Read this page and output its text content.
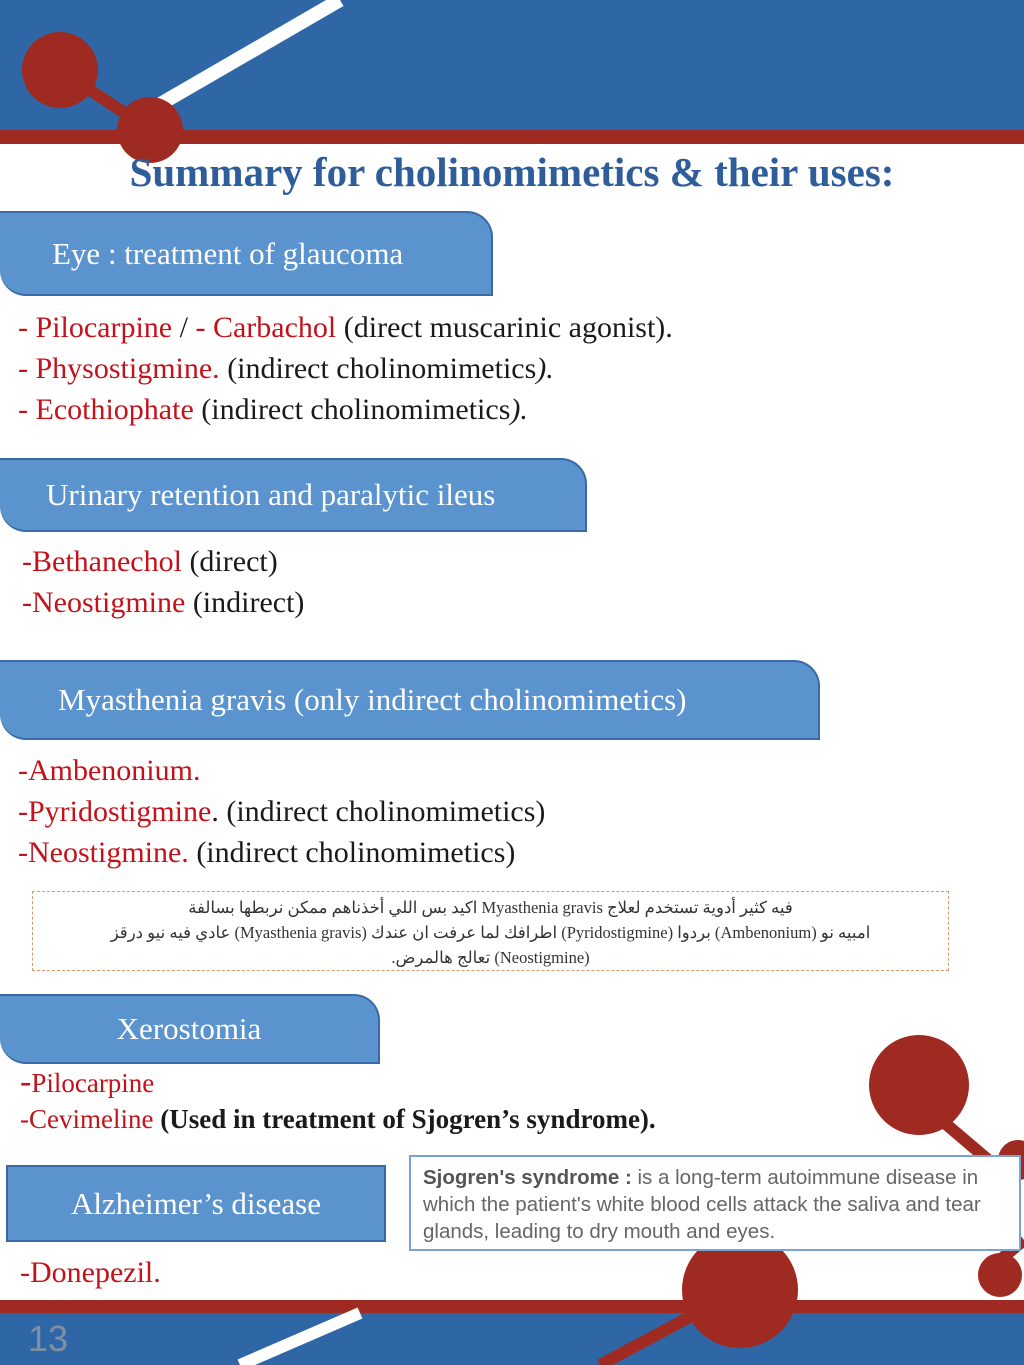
Summary for cholinomimetics & their uses:
Eye : treatment of glaucoma
- Pilocarpine / - Carbachol (direct muscarinic agonist).
- Physostigmine. (indirect cholinomimetics).
- Ecothiophate (indirect cholinomimetics).
Urinary retention and paralytic ileus
-Bethanechol (direct)
-Neostigmine (indirect)
Myasthenia gravis (only indirect cholinomimetics)
-Ambenonium.
-Pyridostigmine. (indirect cholinomimetics)
-Neostigmine. (indirect cholinomimetics)
فيه كثير أدوية تستخدم لعلاج Myasthenia gravis اكيد بس اللي أخذناهم ممكن نربطها بسالفة
امبيه نو (Ambenonium) بردوا (Pyridostigmine) اطرافك لما عرفت ان عندك (Myasthenia gravis) عادي فيه نيو درقز
(Neostigmine) تعالج هالمرض.
Xerostomia
-Pilocarpine
-Cevimeline (Used in treatment of Sjogren’s syndrome).
Alzheimer’s disease
-Donepezil.
Sjogren's syndrome : is a long-term autoimmune disease in which the patient's white blood cells attack the saliva and tear glands, leading to dry mouth and eyes.
13
